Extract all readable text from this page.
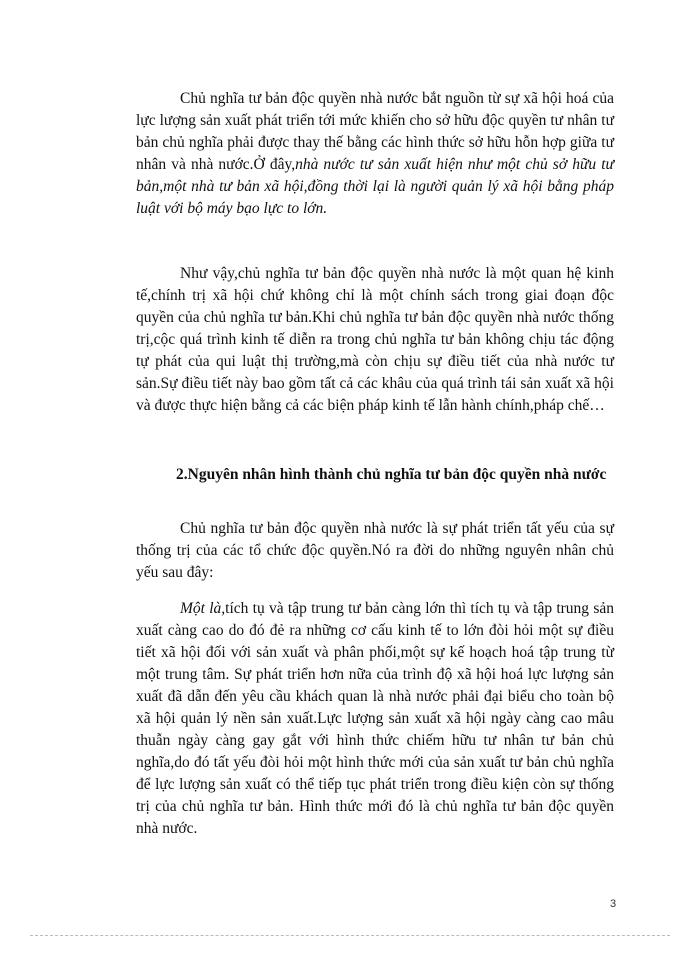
Chủ nghĩa tư bản độc quyền nhà nước bắt nguồn từ sự xã hội hoá của lực lượng sản xuất phát triển tới mức khiến cho sở hữu độc quyền tư nhân tư bản chủ nghĩa phải được thay thế bằng các hình thức sở hữu hỗn hợp giữa tư nhân và nhà nước.Ở đây,nhà nước tư sản xuất hiện như một chủ sở hữu tư bản,một nhà tư bản xã hội,đồng thời lại là người quản lý xã hội bằng pháp luật với bộ máy bạo lực to lớn.

Như vậy,chủ nghĩa tư bản độc quyền nhà nước là một quan hệ kinh tế,chính trị xã hội chứ không chỉ là một chính sách trong giai đoạn độc quyền của chủ nghĩa tư bản.Khi chủ nghĩa tư bản độc quyền nhà nước thống trị,cộc quá trình kinh tế diễn ra trong chủ nghĩa tư bản không chịu tác động tự phát của qui luật thị trường,mà còn chịu sự điều tiết của nhà nước tư sản.Sự điều tiết này bao gồm tất cả các khâu của quá trình tái sản xuất xã hội và được thực hiện bằng cả các biện pháp kinh tế lẫn hành chính,pháp chế…

2.Nguyên nhân hình thành chủ nghĩa tư bản độc quyền nhà nước

Chủ nghĩa tư bản độc quyền nhà nước là sự phát triển tất yếu của sự thống trị của các tổ chức độc quyền.Nó ra đời do những nguyên nhân chủ yếu sau đây:

Một là,tích tụ và tập trung tư bản càng lớn thì tích tụ và tập trung sản xuất càng cao do đó đẻ ra những cơ cấu kinh tế to lớn đòi hỏi một sự điều tiết xã hội đối với sản xuất và phân phối,một sự kế hoạch hoá tập trung từ một trung tâm. Sự phát triển hơn nữa của trình độ xã hội hoá lực lượng sản xuất đã dẫn đến yêu cầu khách quan là nhà nước phải đại biểu cho toàn bộ xã hội quản lý nền sản xuất.Lực lượng sản xuất xã hội ngày càng cao mâu thuẫn ngày càng gay gắt với hình thức chiếm hữu tư nhân tư bản chủ nghĩa,do đó tất yếu đòi hỏi một hình thức mới của sản xuất tư bản chủ nghĩa để lực lượng sản xuất có thể tiếp tục phát triển trong điều kiện còn sự thống trị của chủ nghĩa tư bản. Hình thức mới đó là chủ nghĩa tư bản độc quyền nhà nước.

3
